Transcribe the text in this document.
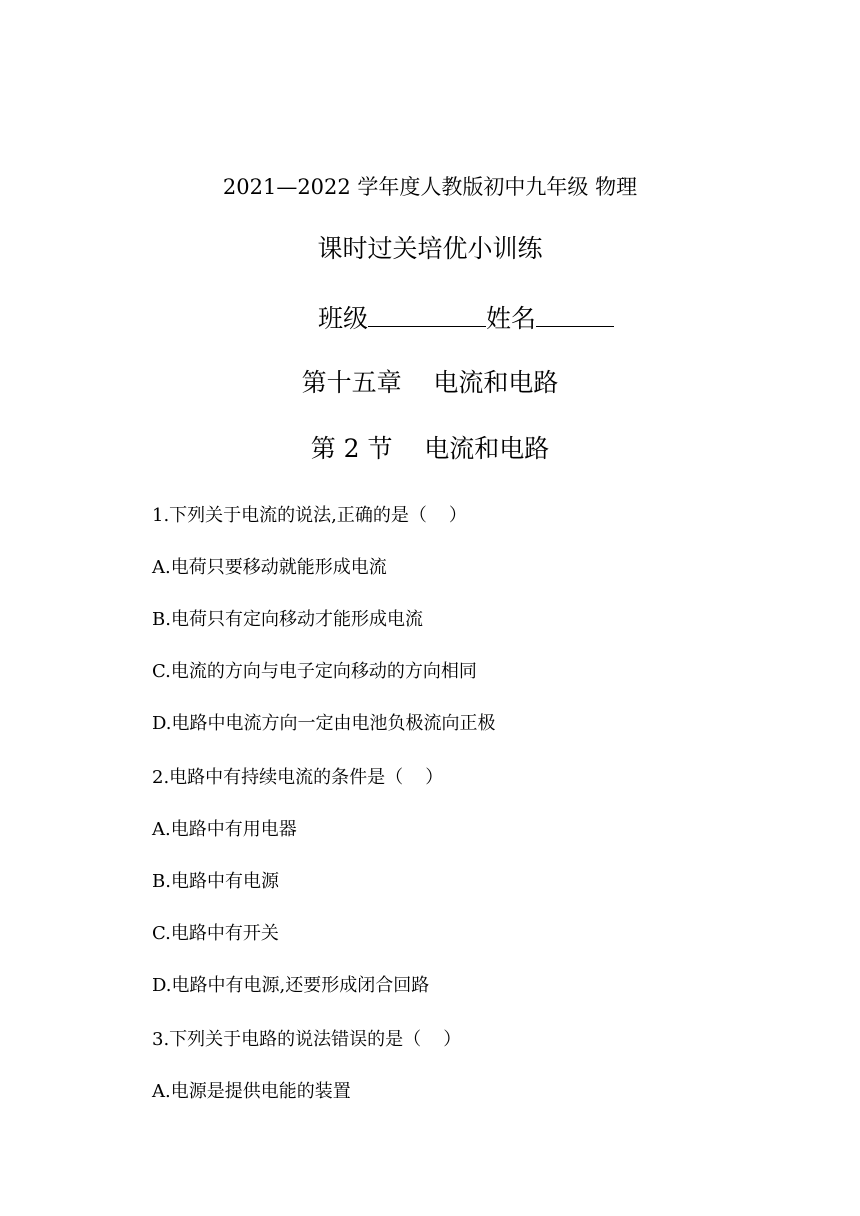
2021—2022 学年度人教版初中九年级 物理
课时过关培优小训练
班级	姓名
第十五章    电流和电路
第 2 节    电流和电路
1.下列关于电流的说法,正确的是（ ）
A.电荷只要移动就能形成电流
B.电荷只有定向移动才能形成电流
C.电流的方向与电子定向移动的方向相同
D.电路中电流方向一定由电池负极流向正极
2.电路中有持续电流的条件是（ ）
A.电路中有用电器
B.电路中有电源
C.电路中有开关
D.电路中有电源,还要形成闭合回路
3.下列关于电路的说法错误的是（ ）
A.电源是提供电能的装置
